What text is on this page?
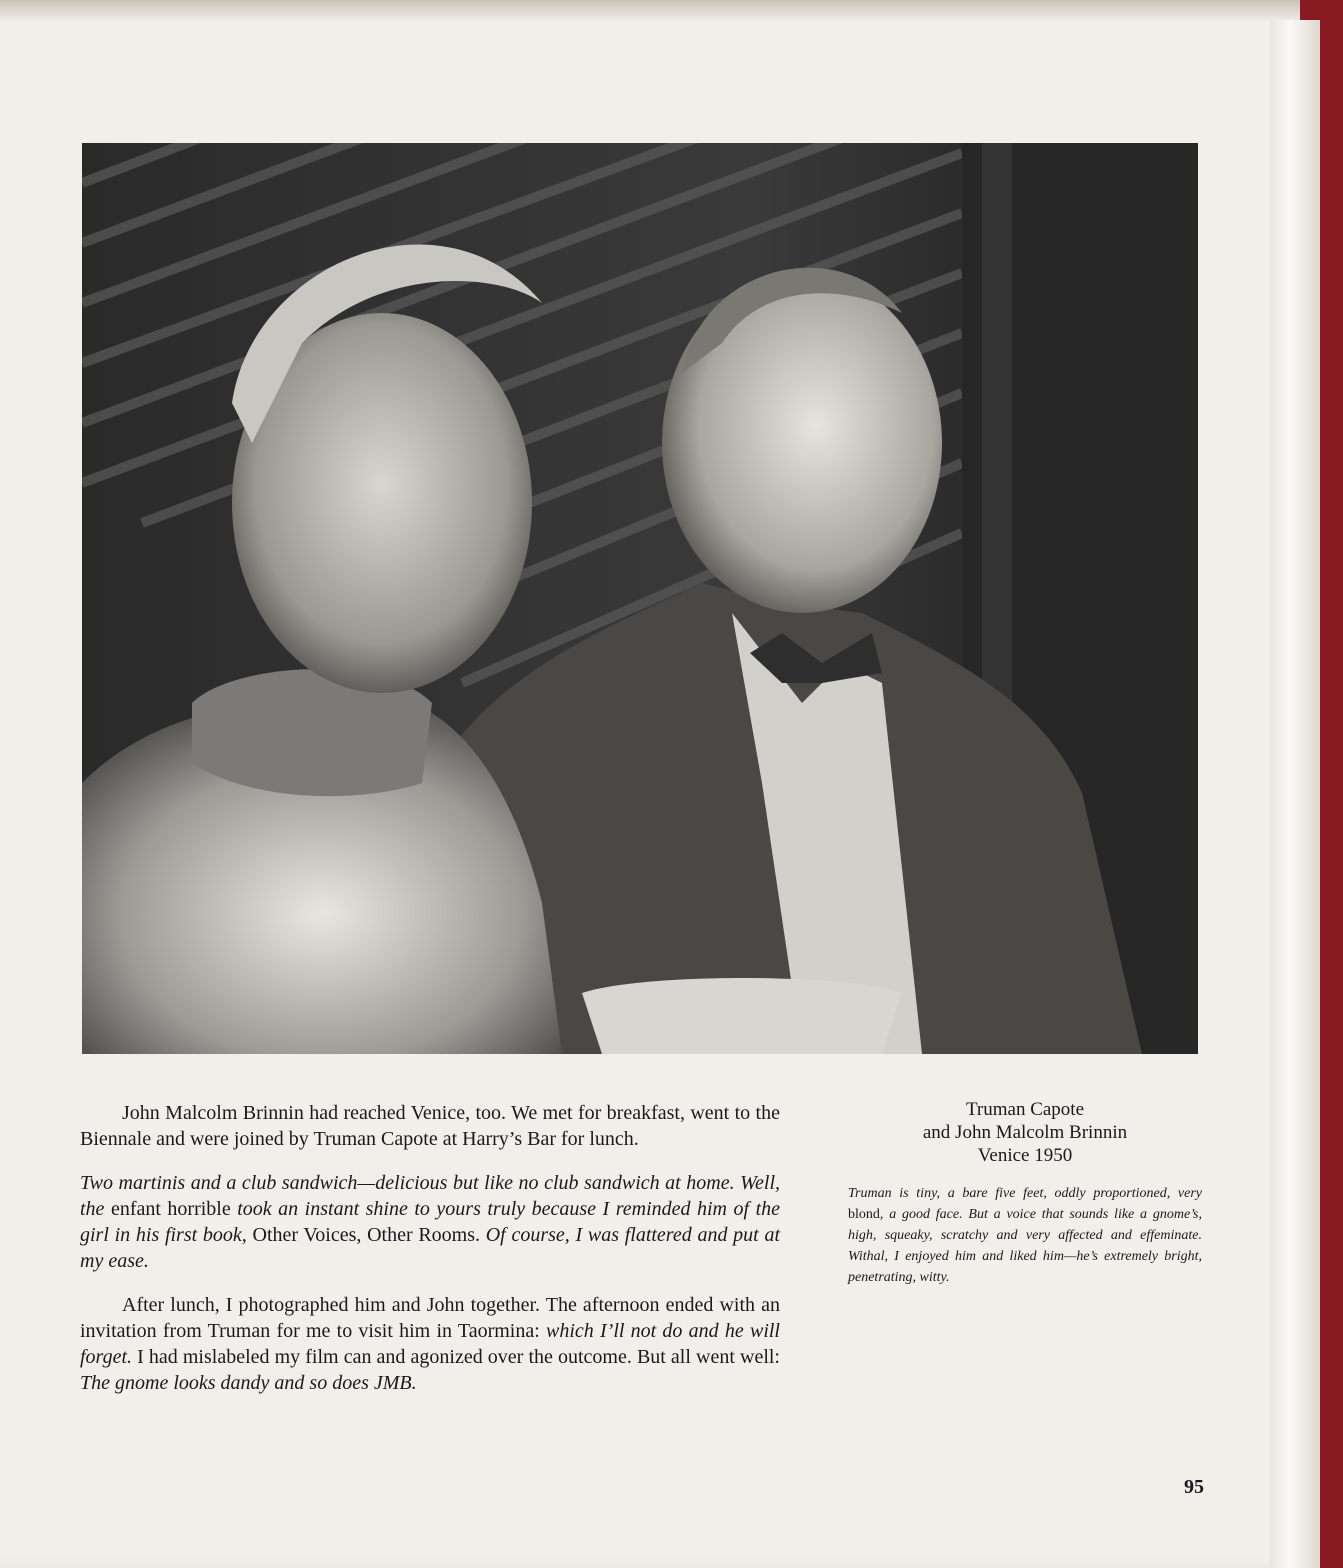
John Malcolm Brinnin had reached Venice, too. We met for breakfast, went to the Biennale and were joined by Truman Capote at Harry’s Bar for lunch.

Two martinis and a club sandwich—delicious but like no club sandwich at home. Well, the enfant horrible took an instant shine to yours truly because I reminded him of the girl in his first book, Other Voices, Other Rooms. Of course, I was flattered and put at my ease.

After lunch, I photographed him and John together. The afternoon ended with an invitation from Truman for me to visit him in Taormina: which I’ll not do and he will forget. I had mislabeled my film can and agonized over the outcome. But all went well: The gnome looks dandy and so does JMB.

Truman Capote
and John Malcolm Brinnin
Venice 1950
Truman is tiny, a bare five feet, oddly proportioned, very blond, a good face. But a voice that sounds like a gnome’s, high, squeaky, scratchy and very affected and effeminate. Withal, I enjoyed him and liked him—he’s extremely bright, penetrating, witty.
95
